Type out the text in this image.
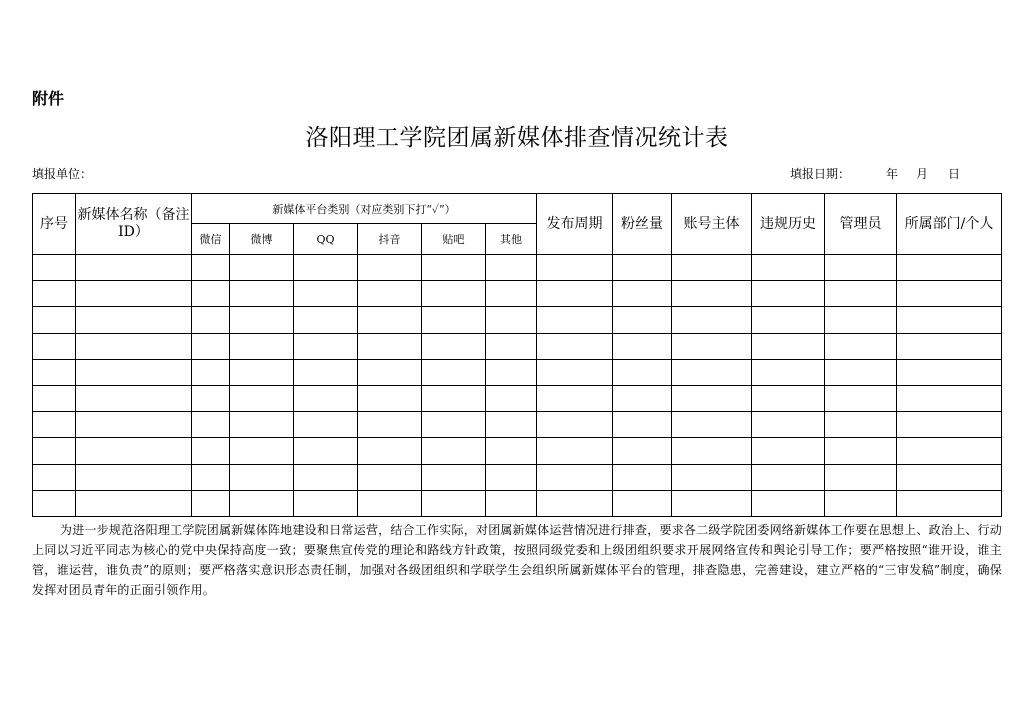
附件
洛阳理工学院团属新媒体排查情况统计表
填报单位：	填报日期：	年 月 日
序号	新媒体名称（备注ID）	新媒体平台类别（对应类别下打“✓”）						发布周期	粉丝量	账号主体	违规历史	管理员	所属部门/个人
		微信	微博	QQ	抖音	贴吧	其他						

为进一步规范洛阳理工学院团属新媒体阵地建设和日常运营，结合工作实际，对团属新媒体运营情况进行排查，要求各二级学院团委网络新媒体工作要在思想上、政治上、行动上同以习近平同志为核心的党中央保持高度一致；要聚焦宣传党的理论和路线方针政策，按照同级党委和上级团组织要求开展网络宣传和舆论引导工作；要严格按照“谁开设，谁主管，谁运营，谁负责”的原则；要严格落实意识形态责任制，加强对各级团组织和学联学生会组织所属新媒体平台的管理，排查隐患，完善建设，建立严格的“三审发稿”制度，确保发挥对团员青年的正面引领作用。
